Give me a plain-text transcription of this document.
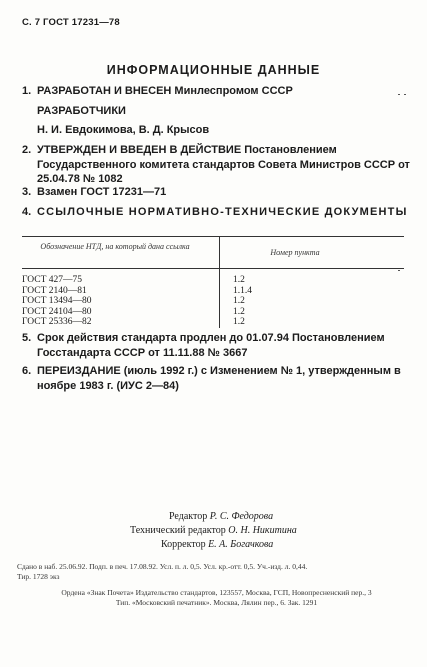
С. 7 ГОСТ 17231—78
ИНФОРМАЦИОННЫЕ ДАННЫЕ
1. РАЗРАБОТАН И ВНЕСЕН Минлеспромом СССР
РАЗРАБОТЧИКИ
Н. И. Евдокимова, В. Д. Крысов
2. УТВЕРЖДЕН И ВВЕДЕН В ДЕЙСТВИЕ Постановлением Государственного комитета стандартов Совета Министров СССР от 25.04.78 № 1082
3. Взамен ГОСТ 17231—71
4. ССЫЛОЧНЫЕ НОРМАТИВНО-ТЕХНИЧЕСКИЕ ДОКУМЕНТЫ
Обозначение НТД, на который дана ссылка
Номер пункта
ГОСТ 427—75
ГОСТ 2140—81
ГОСТ 13494—80
ГОСТ 24104—80
ГОСТ 25336—82
1.2
1.1.4
1.2
1.2
1.2
5. Срок действия стандарта продлен до 01.07.94 Постановлением Госстандарта СССР от 11.11.88 № 3667
6. ПЕРЕИЗДАНИЕ (июль 1992 г.) с Изменением № 1, утвержденным в ноябре 1983 г. (ИУС 2—84)
Редактор Р. С. Федорова
Технический редактор О. Н. Никитина
Корректор Е. А. Богачкова
Сдано в наб. 25.06.92. Подп. в печ. 17.08.92. Усл. п. л. 0,5. Усл. кр.-отт. 0,5. Уч.-изд. л. 0,44.
Тир. 1728 экз
Ордена «Знак Почета» Издательство стандартов, 123557, Москва, ГСП, Новопресненский пер., 3
Тип. «Московский печатник». Москва, Лялин пер., 6. Зак. 1291
